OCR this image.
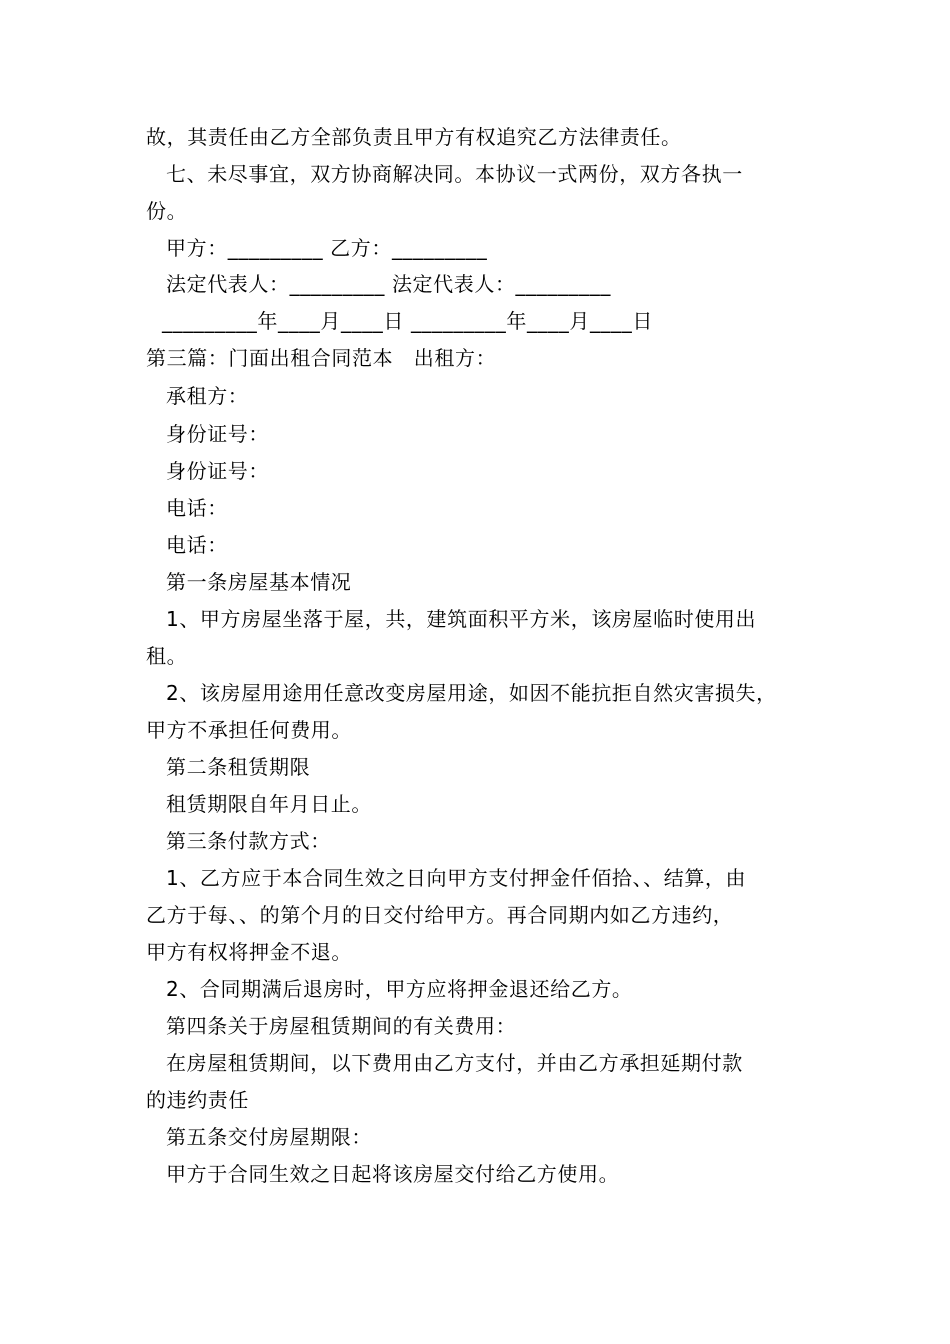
故，其责任由乙方全部负责且甲方有权追究乙方法律责任。
七、未尽事宜，双方协商解决同。本协议一式两份，双方各执一
份。
甲方：_________ 乙方：_________
法定代表人：_________ 法定代表人：_________
_________年____月____日 _________年____月____日
第三篇：门面出租合同范本　出租方：
承租方：
身份证号：
身份证号：
电话：
电话：
第一条房屋基本情况
1、甲方房屋坐落于屋，共，建筑面积平方米，该房屋临时使用出
租。
2、该房屋用途用任意改变房屋用途，如因不能抗拒自然灾害损失，
甲方不承担任何费用。
第二条租赁期限
租赁期限自年月日止。
第三条付款方式：
1、乙方应于本合同生效之日向甲方支付押金仟佰拾、、结算，由
乙方于每、、的第个月的日交付给甲方。再合同期内如乙方违约，
甲方有权将押金不退。
2、合同期满后退房时，甲方应将押金退还给乙方。
第四条关于房屋租赁期间的有关费用：
在房屋租赁期间，以下费用由乙方支付，并由乙方承担延期付款
的违约责任
第五条交付房屋期限：
甲方于合同生效之日起将该房屋交付给乙方使用。
